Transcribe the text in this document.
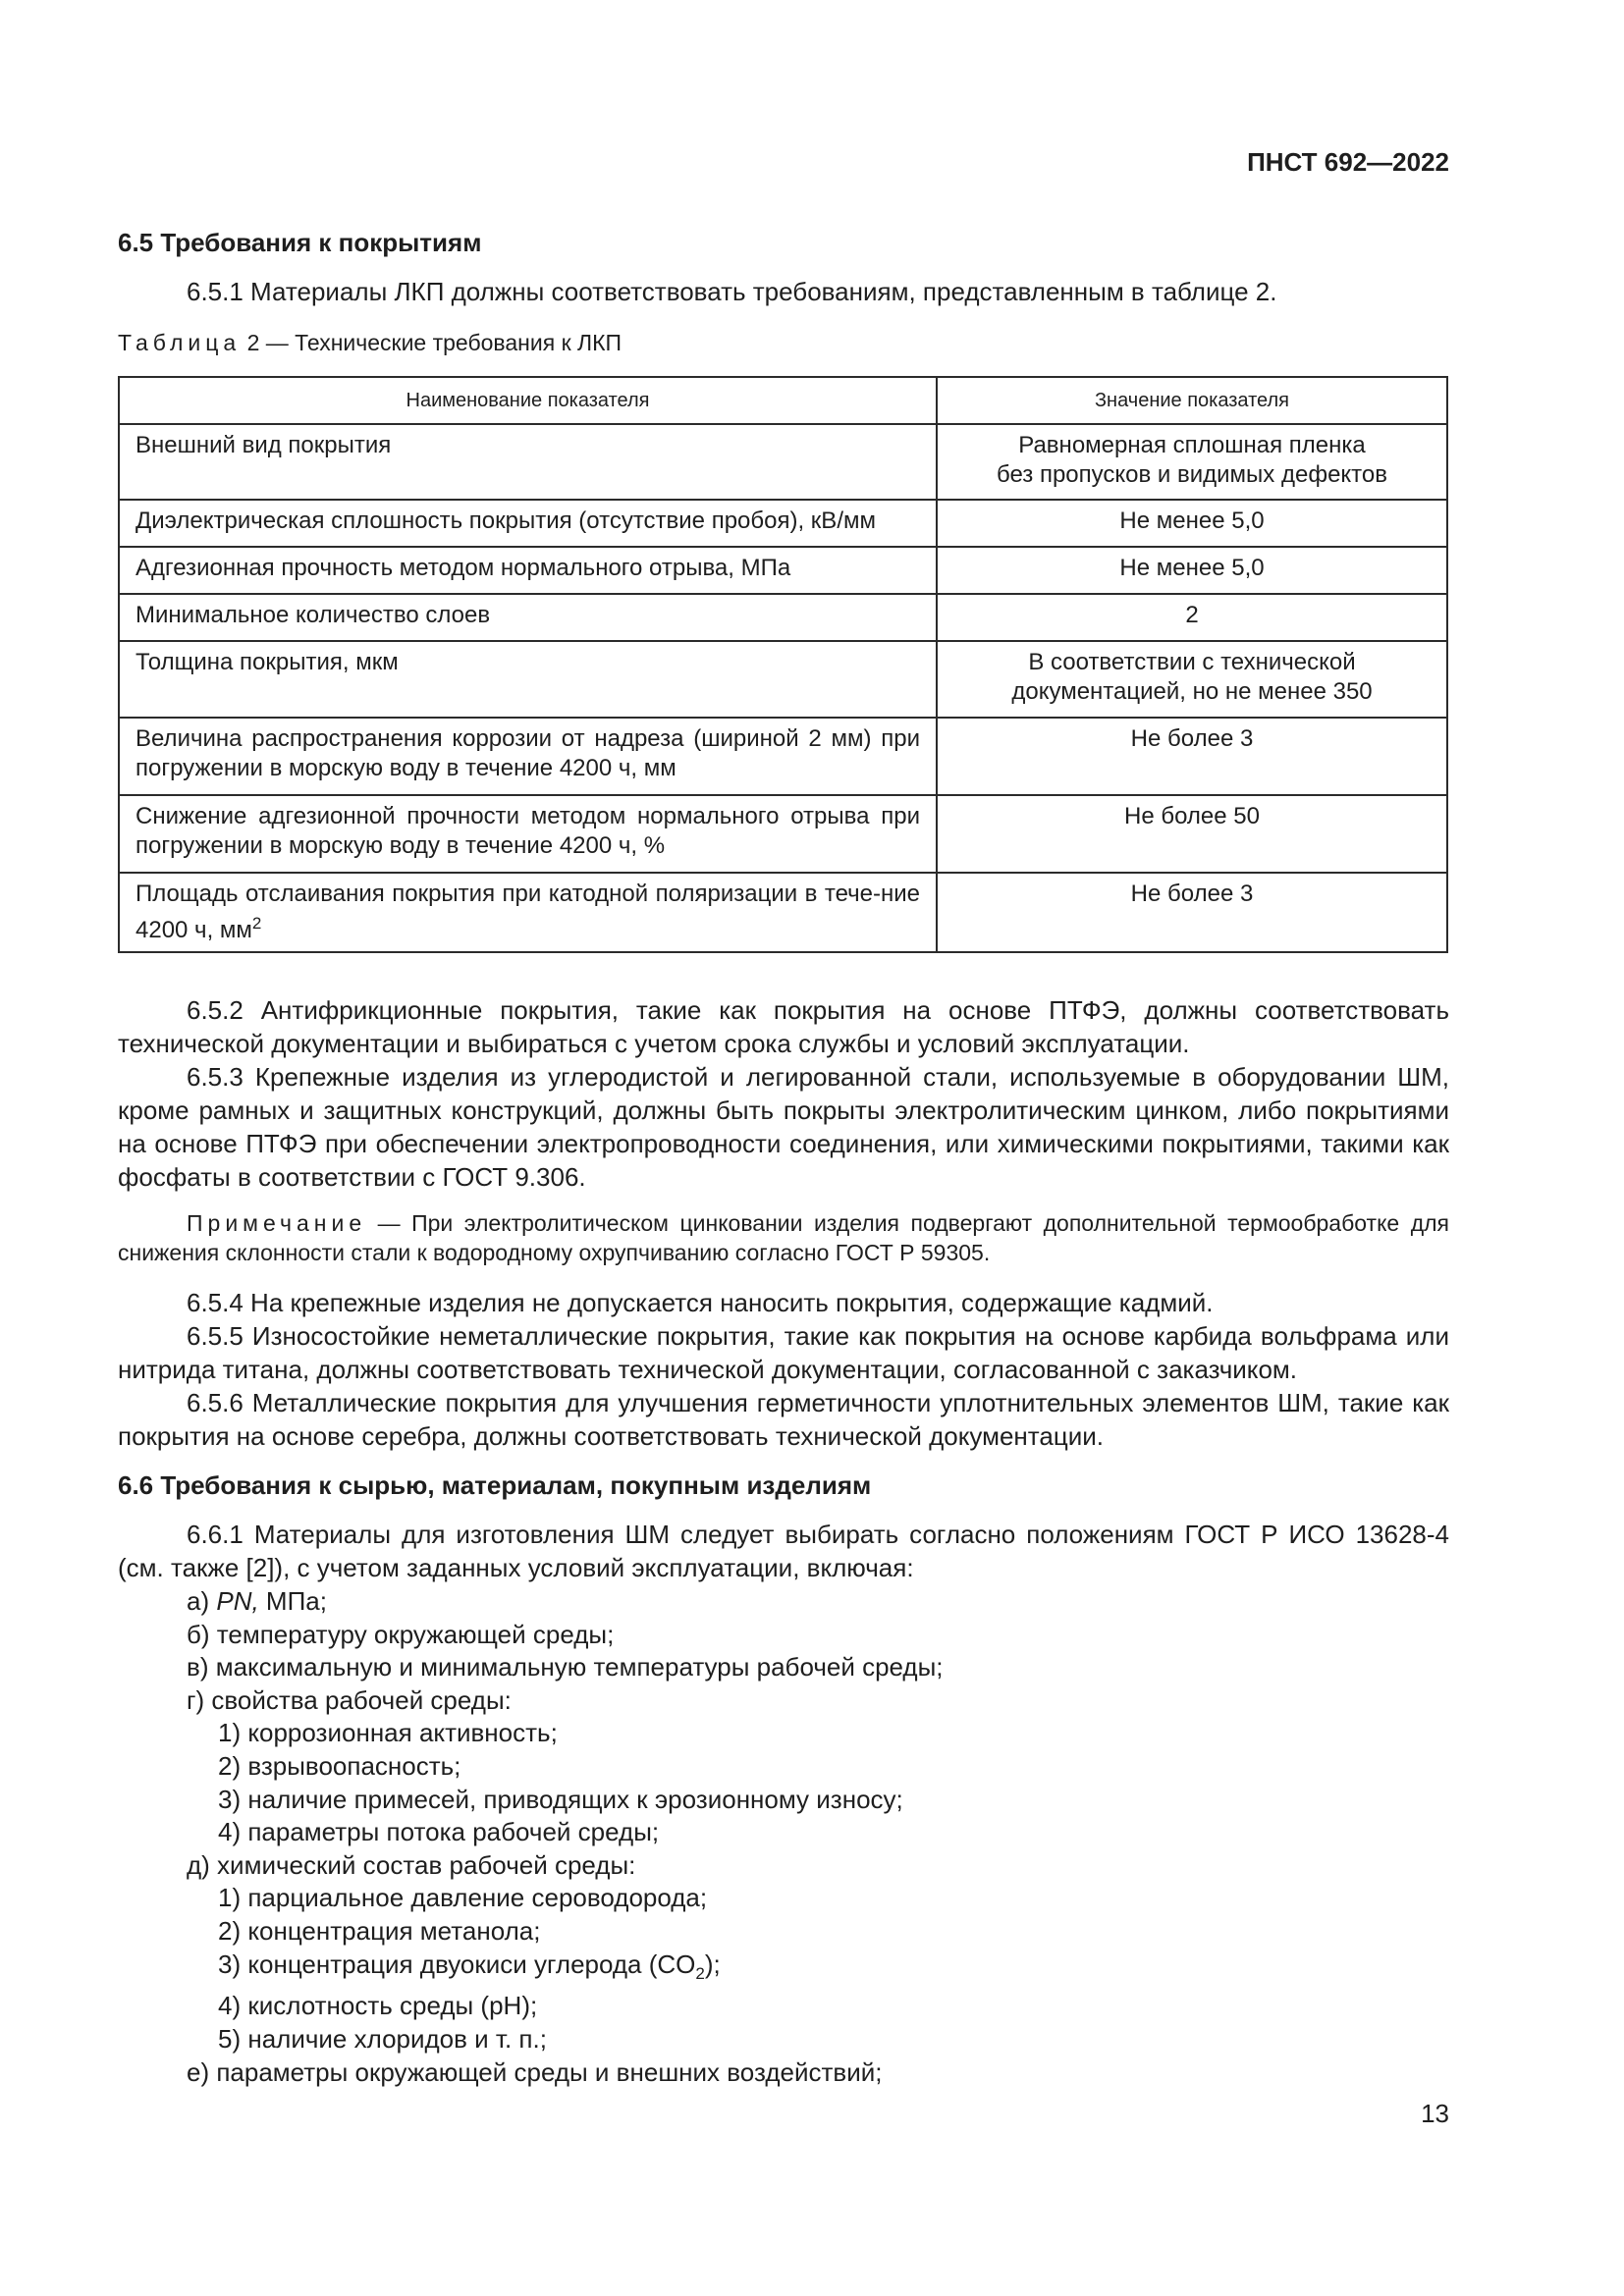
ПНСТ 692—2022
6.5 Требования к покрытиям
6.5.1 Материалы ЛКП должны соответствовать требованиям, представленным в таблице 2.
Таблица 2 — Технические требования к ЛКП
Наименование показателя	Значение показателя
Внешний вид покрытия	Равномерная сплошная пленка
без пропусков и видимых дефектов
Диэлектрическая сплошность покрытия (отсутствие пробоя), кВ/мм	Не менее 5,0
Адгезионная прочность методом нормального отрыва, МПа	Не менее 5,0
Минимальное количество слоев	2
Толщина покрытия, мкм	В соответствии с технической
документацией, но не менее 350
Величина распространения коррозии от надреза (шириной 2 мм) при погружении в морскую воду в течение 4200 ч, мм	Не более 3
Снижение адгезионной прочности методом нормального отрыва при погружении в морскую воду в течение 4200 ч, %	Не более 50
Площадь отслаивания покрытия при катодной поляризации в тече-ние 4200 ч, $мм^2$	Не более 3
6.5.2 Антифрикционные покрытия, такие как покрытия на основе ПТФЭ, должны соответствовать технической документации и выбираться с учетом срока службы и условий эксплуатации.
6.5.3 Крепежные изделия из углеродистой и легированной стали, используемые в оборудовании ШМ, кроме рамных и защитных конструкций, должны быть покрыты электролитическим цинком, либо покрытиями на основе ПТФЭ при обеспечении электропроводности соединения, или химическими покрытиями, такими как фосфаты в соответствии с ГОСТ 9.306.
Примечание — При электролитическом цинковании изделия подвергают дополнительной термообработке для снижения склонности стали к водородному охрупчиванию согласно ГОСТ Р 59305.
6.5.4 На крепежные изделия не допускается наносить покрытия, содержащие кадмий.
6.5.5 Износостойкие неметаллические покрытия, такие как покрытия на основе карбида вольфрама или нитрида титана, должны соответствовать технической документации, согласованной с заказчиком.
6.5.6 Металлические покрытия для улучшения герметичности уплотнительных элементов ШМ, такие как покрытия на основе серебра, должны соответствовать технической документации.
6.6 Требования к сырью, материалам, покупным изделиям
6.6.1 Материалы для изготовления ШМ следует выбирать согласно положениям ГОСТ Р ИСО 13628-4 (см. также [2]), с учетом заданных условий эксплуатации, включая:
а) PN, МПа;
б) температуру окружающей среды;
в) максимальную и минимальную температуры рабочей среды;
г) свойства рабочей среды:
1) коррозионная активность;
2) взрывоопасность;
3) наличие примесей, приводящих к эрозионному износу;
4) параметры потока рабочей среды;
д) химический состав рабочей среды:
1) парциальное давление сероводорода;
2) концентрация метанола;
3) концентрация двуокиси углерода $(CO_2)$;
4) кислотность среды (pH);
5) наличие хлоридов и т. п.;
е) параметры окружающей среды и внешних воздействий;
13
